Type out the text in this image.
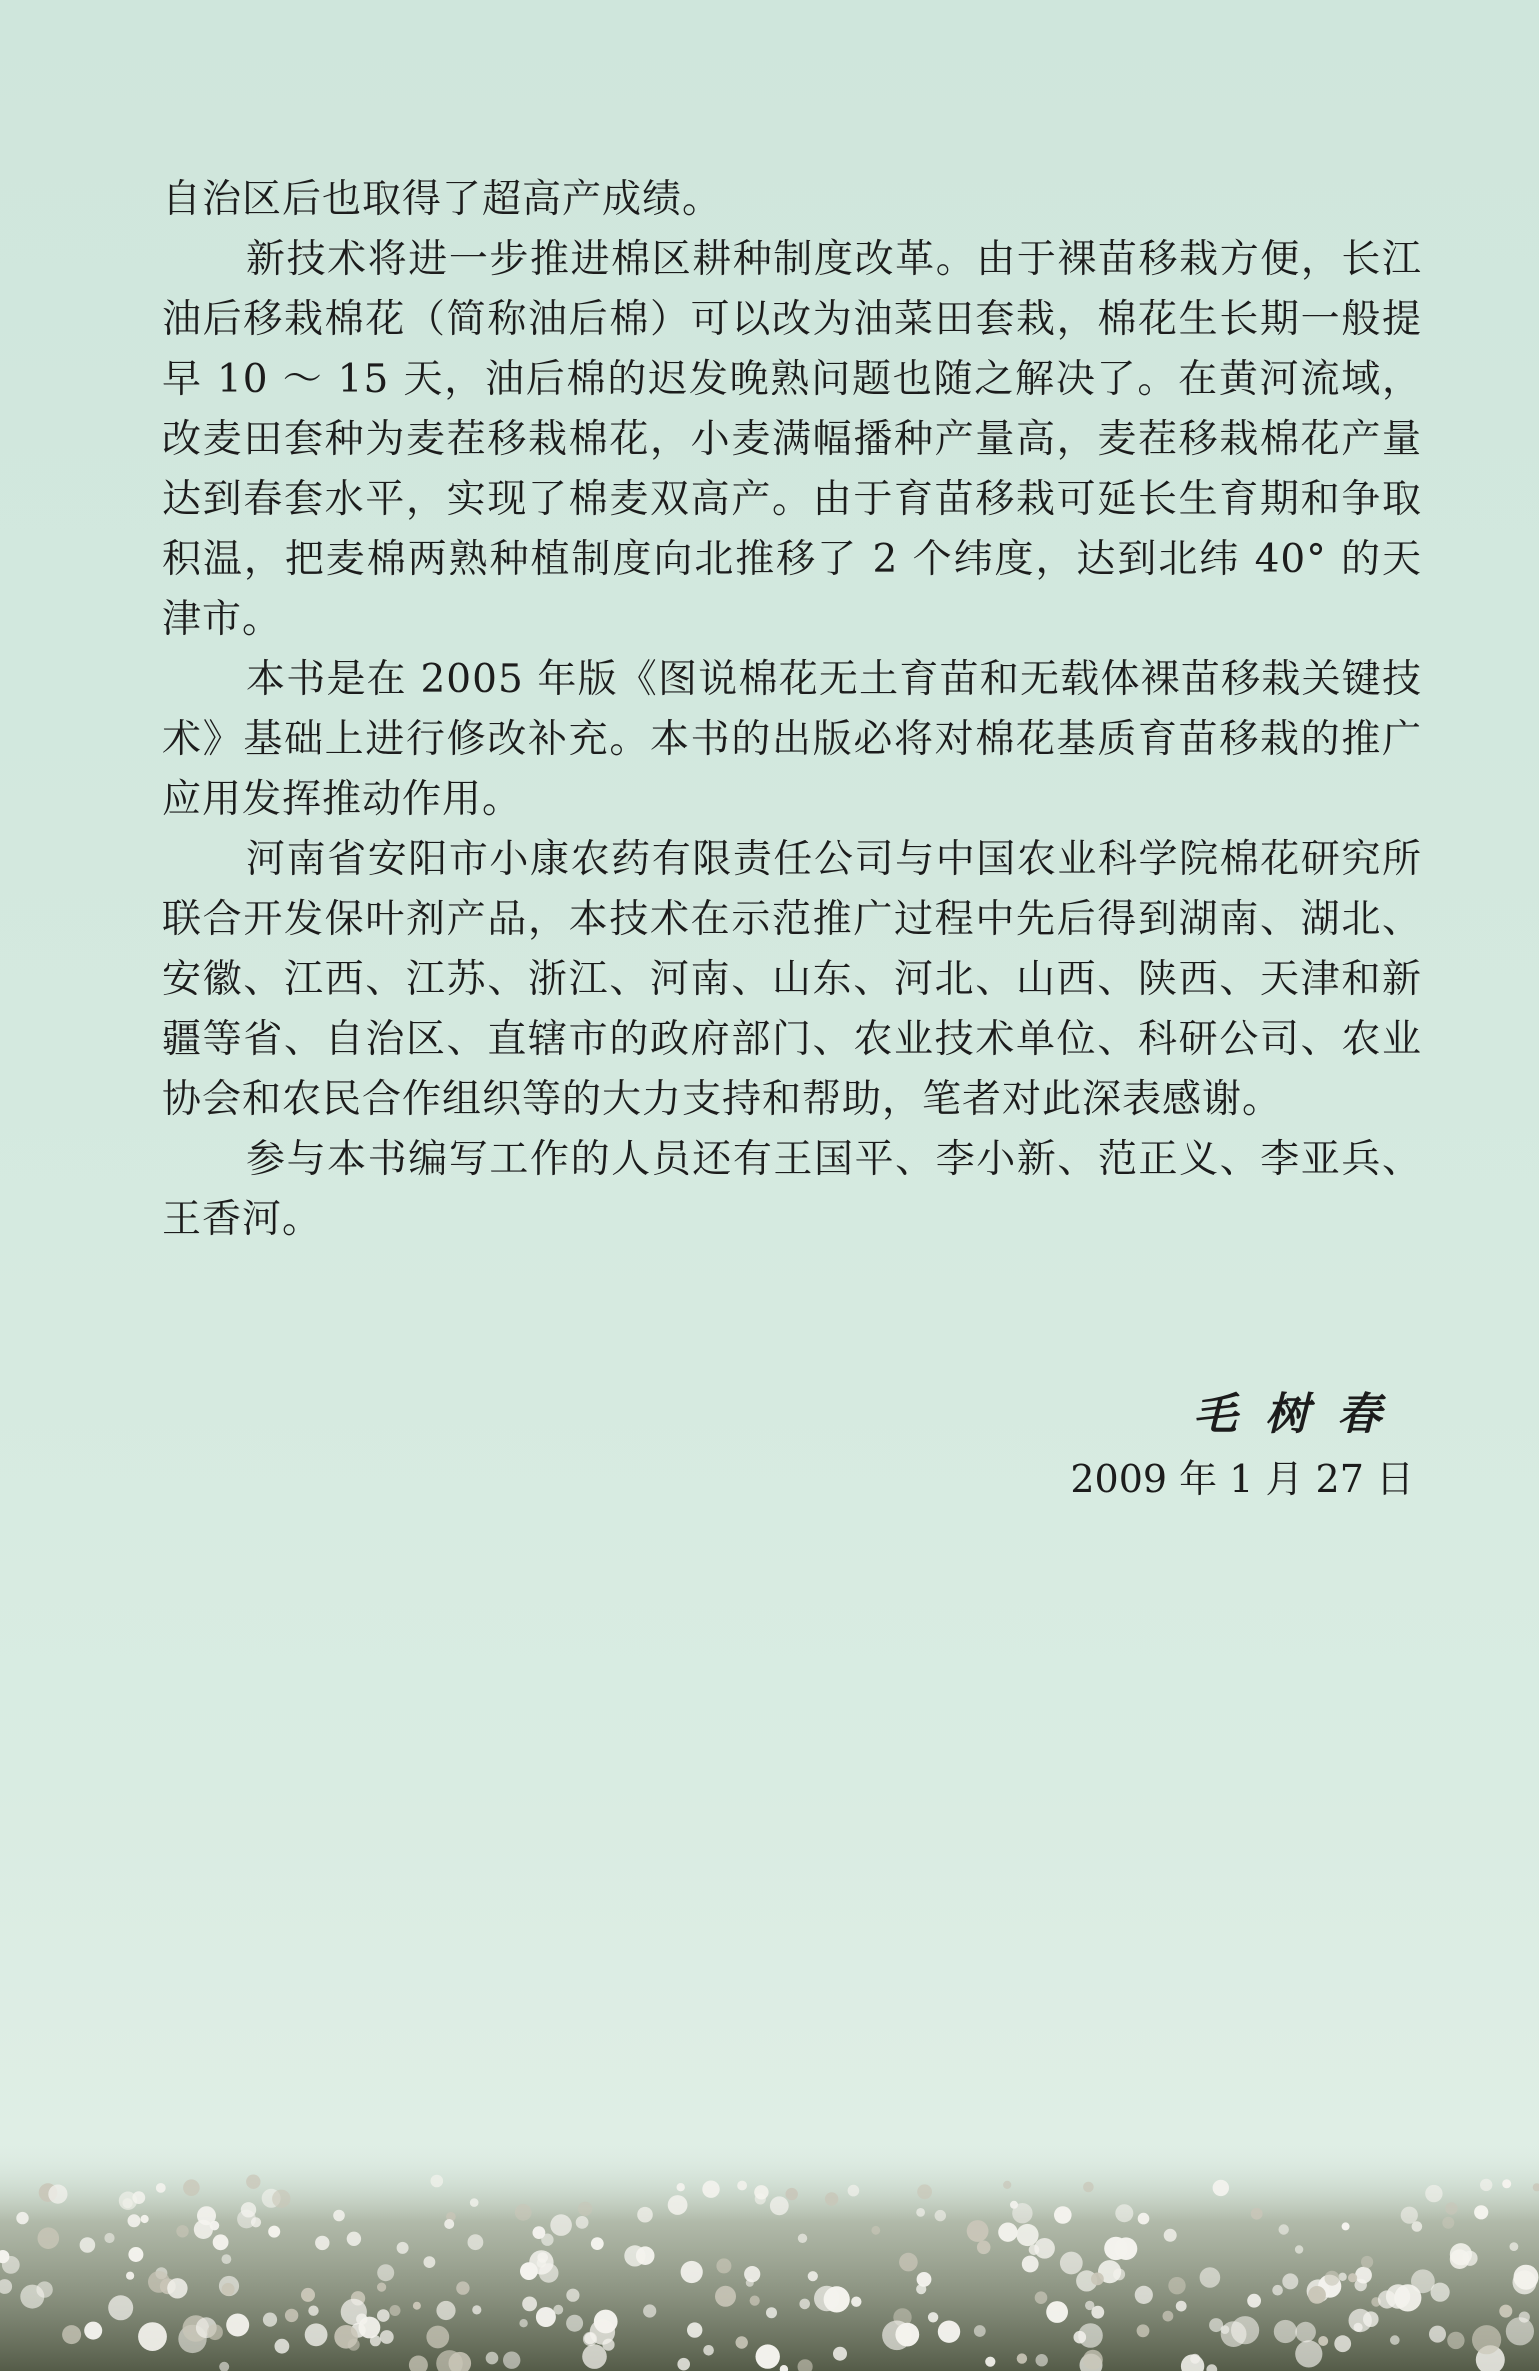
自治区后也取得了超高产成绩。

新技术将进一步推进棉区耕种制度改革。由于裸苗移栽方便，长江油后移栽棉花（简称油后棉）可以改为油菜田套栽，棉花生长期一般提早 10 ～ 15 天，油后棉的迟发晚熟问题也随之解决了。在黄河流域，改麦田套种为麦茬移栽棉花，小麦满幅播种产量高，麦茬移栽棉花产量达到春套水平，实现了棉麦双高产。由于育苗移栽可延长生育期和争取积温，把麦棉两熟种植制度向北推移了 2 个纬度，达到北纬 40° 的天津市。

本书是在 2005 年版《图说棉花无土育苗和无载体裸苗移栽关键技术》基础上进行修改补充。本书的出版必将对棉花基质育苗移栽的推广应用发挥推动作用。

河南省安阳市小康农药有限责任公司与中国农业科学院棉花研究所联合开发保叶剂产品，本技术在示范推广过程中先后得到湖南、湖北、安徽、江西、江苏、浙江、河南、山东、河北、山西、陕西、天津和新疆等省、自治区、直辖市的政府部门、农业技术单位、科研公司、农业协会和农民合作组织等的大力支持和帮助，笔者对此深表感谢。

参与本书编写工作的人员还有王国平、李小新、范正义、李亚兵、王香河。

毛树春
2009 年 1 月 27 日
